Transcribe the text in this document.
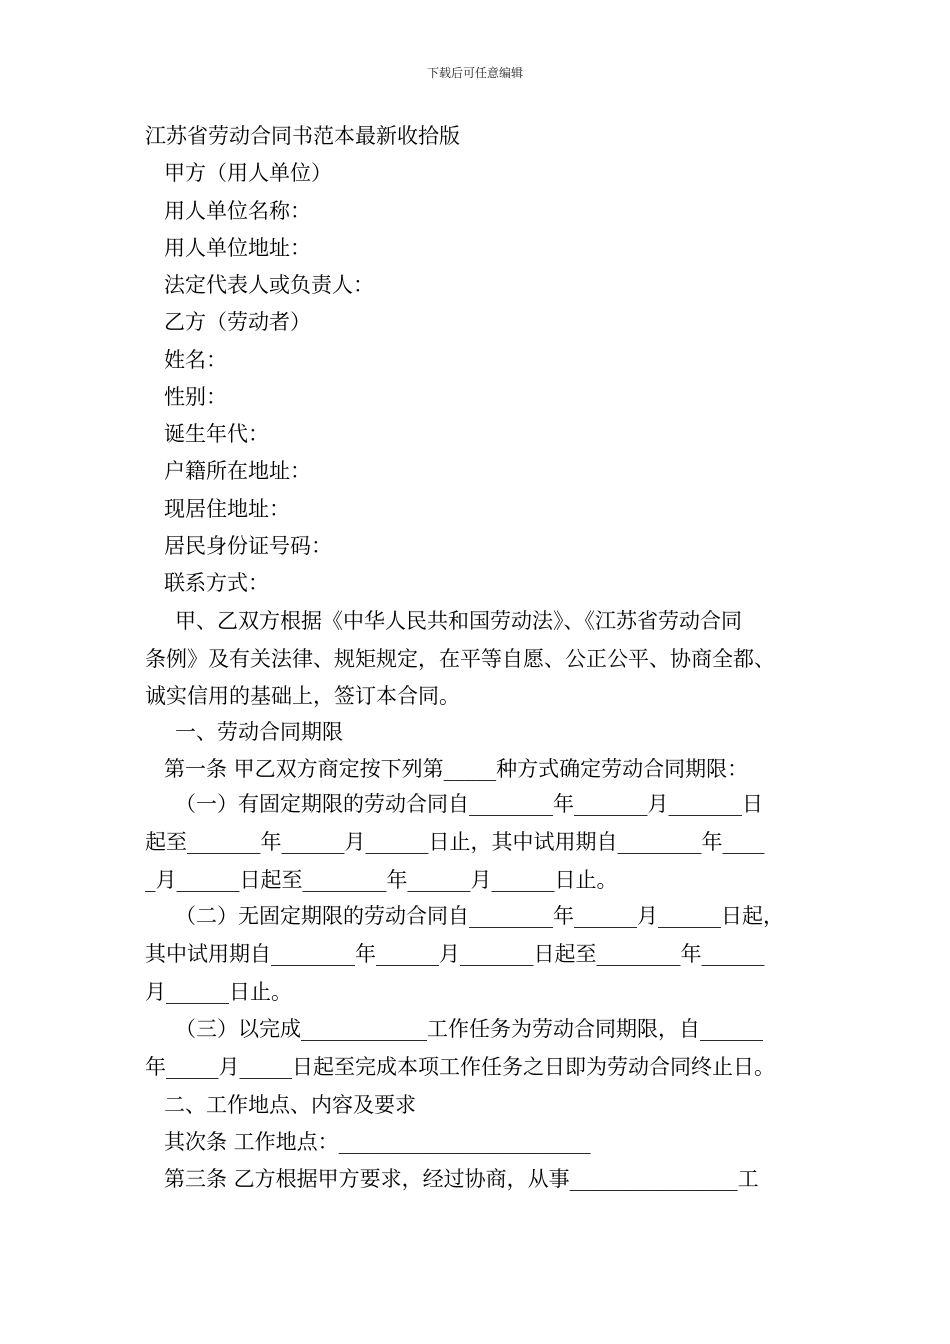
下载后可任意编辑
江苏省劳动合同书范本最新收拾版
甲方（用人单位）
用人单位名称：
用人单位地址：
法定代表人或负责人：
乙方（劳动者）
姓名：
性别：
诞生年代：
户籍所在地址：
现居住地址：
居民身份证号码：
联系方式：
甲、乙双方根据《中华人民共和国劳动法》、《江苏省劳动合同
条例》及有关法律、规矩规定，在平等自愿、公正公平、协商全都、
诚实信用的基础上，签订本合同。
一、劳动合同期限
第一条 甲乙双方商定按下列第_____种方式确定劳动合同期限：
（一）有固定期限的劳动合同自________年_______月_______日
起至_______年______月______日止，其中试用期自________年____
_月______日起至________年______月______日止。
（二）无固定期限的劳动合同自________年______月______日起，
其中试用期自________年______月_______日起至________年______
月______日止。
（三）以完成____________工作任务为劳动合同期限，自______
年_____月_____日起至完成本项工作任务之日即为劳动合同终止日。
二、工作地点、内容及要求
其次条 工作地点：________________________
第三条 乙方根据甲方要求，经过协商，从事________________工
